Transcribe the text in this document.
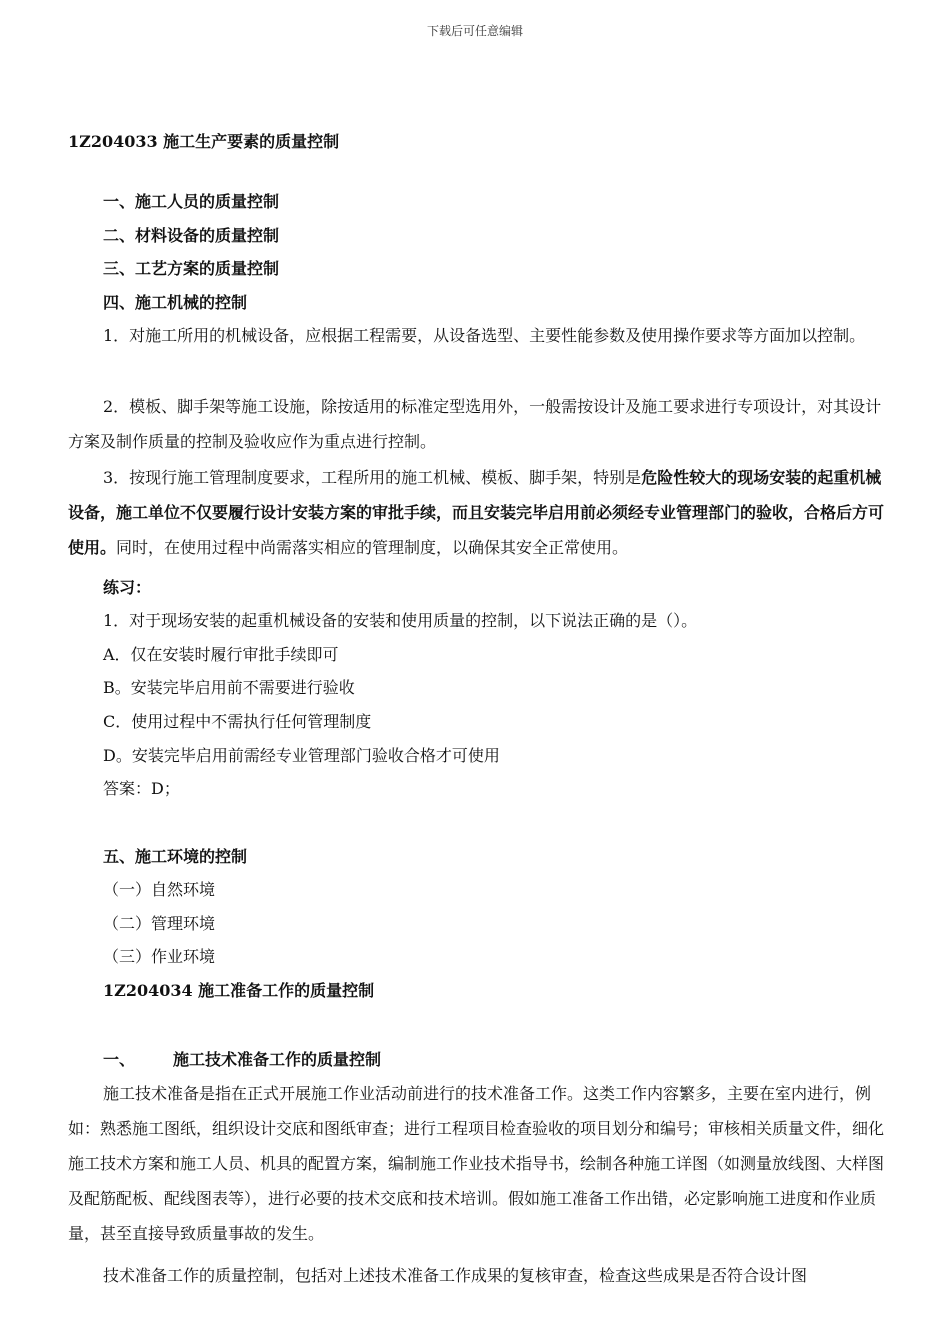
下载后可任意编辑
1Z204033 施工生产要素的质量控制
一、施工人员的质量控制
二、材料设备的质量控制
三、工艺方案的质量控制
四、施工机械的控制
1．对施工所用的机械设备，应根据工程需要，从设备选型、主要性能参数及使用操作要求等方面加以控制。
2．模板、脚手架等施工设施，除按适用的标准定型选用外，一般需按设计及施工要求进行专项设计，对其设计方案及制作质量的控制及验收应作为重点进行控制。
3．按现行施工管理制度要求，工程所用的施工机械、模板、脚手架，特别是危险性较大的现场安装的起重机械设备，施工单位不仅要履行设计安装方案的审批手续，而且安装完毕启用前必须经专业管理部门的验收，合格后方可使用。同时，在使用过程中尚需落实相应的管理制度，以确保其安全正常使用。
练习：
1．对于现场安装的起重机械设备的安装和使用质量的控制，以下说法正确的是（）。
A．仅在安装时履行审批手续即可
B。安装完毕启用前不需要进行验收
C．使用过程中不需执行任何管理制度
D。安装完毕启用前需经专业管理部门验收合格才可使用
答案：D；
五、施工环境的控制
（一）自然环境
（二）管理环境
（三）作业环境
1Z204034 施工准备工作的质量控制
一、 施工技术准备工作的质量控制
施工技术准备是指在正式开展施工作业活动前进行的技术准备工作。这类工作内容繁多，主要在室内进行，例如：熟悉施工图纸，组织设计交底和图纸审查；进行工程项目检查验收的项目划分和编号；审核相关质量文件，细化施工技术方案和施工人员、机具的配置方案，编制施工作业技术指导书，绘制各种施工详图（如测量放线图、大样图及配筋配板、配线图表等），进行必要的技术交底和技术培训。假如施工准备工作出错，必定影响施工进度和作业质量，甚至直接导致质量事故的发生。
技术准备工作的质量控制，包括对上述技术准备工作成果的复核审查，检查这些成果是否符合设计图
